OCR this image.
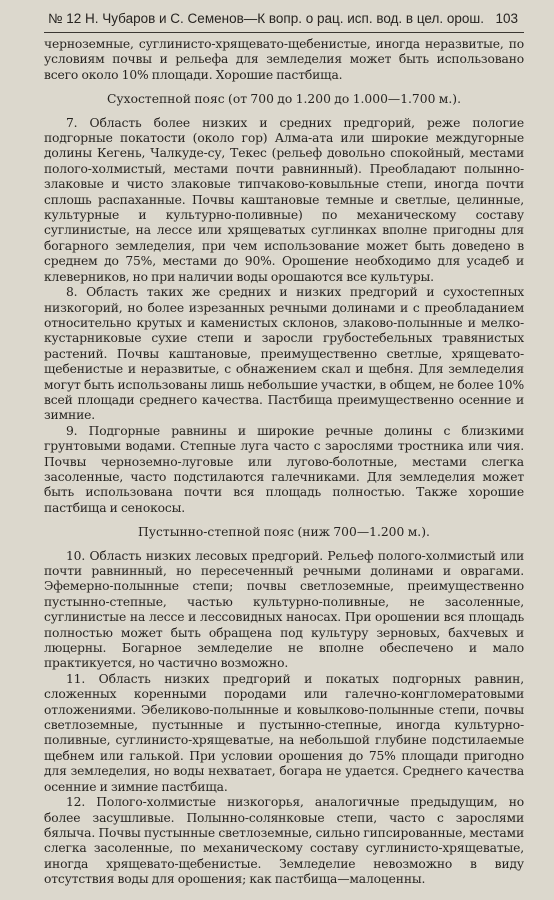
№ 12 Н. Чубаров и С. Семенов—К вопр. о рац. исп. вод. в цел. орош. 103

черноземные, суглинисто-хрящевато-щебенистые, иногда неразвитые, по условиям почвы и рельефа для земледелия может быть использовано всего около 10% площади. Хорошие пастбища.

Сухостепной пояс (от 700 до 1.200 до 1.000—1.700 м.).

7. Область более низких и средних предгорий, реже пологие подгорные покатости (около гор) Алма-ата или широкие междугорные долины Кегень, Чалкуде-су, Текес (рельеф довольно спокойный, местами полого-холмистый, местами почти равнинный). Преобладают полынно-злаковые и чисто злаковые типчаково-ковыльные степи, иногда почти сплошь распаханные. Почвы каштановые темные и светлые, целинные, культурные и культурно-поливные) по механическому составу суглинистые, на лессе или хрящеватых суглинках вполне пригодны для богарного земледелия, при чем использование может быть доведено в среднем до 75%, местами до 90%. Орошение необходимо для усадеб и клеверников, но при наличии воды орошаются все культуры.

8. Область таких же средних и низких предгорий и сухостепных низкогорий, но более изрезанных речными долинами и с преобладанием относительно крутых и каменистых склонов, злаково-полынные и мелко-кустарниковые сухие степи и заросли грубостебельных травянистых растений. Почвы каштановые, преимущественно светлые, хрящевато-щебенистые и неразвитые, с обнажением скал и щебня. Для земледелия могут быть использованы лишь небольшие участки, в общем, не более 10% всей площади среднего качества. Пастбища преимущественно осенние и зимние.

9. Подгорные равнины и широкие речные долины с близкими грунтовыми водами. Степные луга часто с зарослями тростника или чия. Почвы черноземно-луговые или лугово-болотные, местами слегка засоленные, часто подстилаются галечниками. Для земледелия может быть использована почти вся площадь полностью. Также хорошие пастбища и сенокосы.

Пустынно-степной пояс (ниж 700—1.200 м.).

10. Область низких лесовых предгорий. Рельеф полого-холмистый или почти равнинный, но пересеченный речными долинами и оврагами. Эфемерно-полынные степи; почвы светлоземные, преимущественно пустынно-степные, частью культурно-поливные, не засоленные, суглинистые на лессе и лессовидных наносах. При орошении вся площадь полностью может быть обращена под культуру зерновых, бахчевых и люцерны. Богарное земледелие не вполне обеспечено и мало практикуется, но частично возможно.

11. Область низких предгорий и покатых подгорных равнин, сложенных коренными породами или галечно-конгломератовыми отложениями. Эбеликово-полынные и ковылково-полынные степи, почвы светлоземные, пустынные и пустынно-степные, иногда культурно-поливные, суглинисто-хрящеватые, на небольшой глубине подстилаемые щебнем или галькой. При условии орошения до 75% площади пригодно для земледелия, но воды нехватает, богара не удается. Среднего качества осенние и зимние пастбища.

12. Полого-холмистые низкогорья, аналогичные предыдущим, но более засушливые. Полынно-солянковые степи, часто с зарослями бялыча. Почвы пустынные светлоземные, сильно гипсированные, местами слегка засоленные, по механическому составу суглинисто-хрящеватые, иногда хрящевато-щебенистые. Земледелие невозможно в виду отсутствия воды для орошения; как пастбища—малоценны.
